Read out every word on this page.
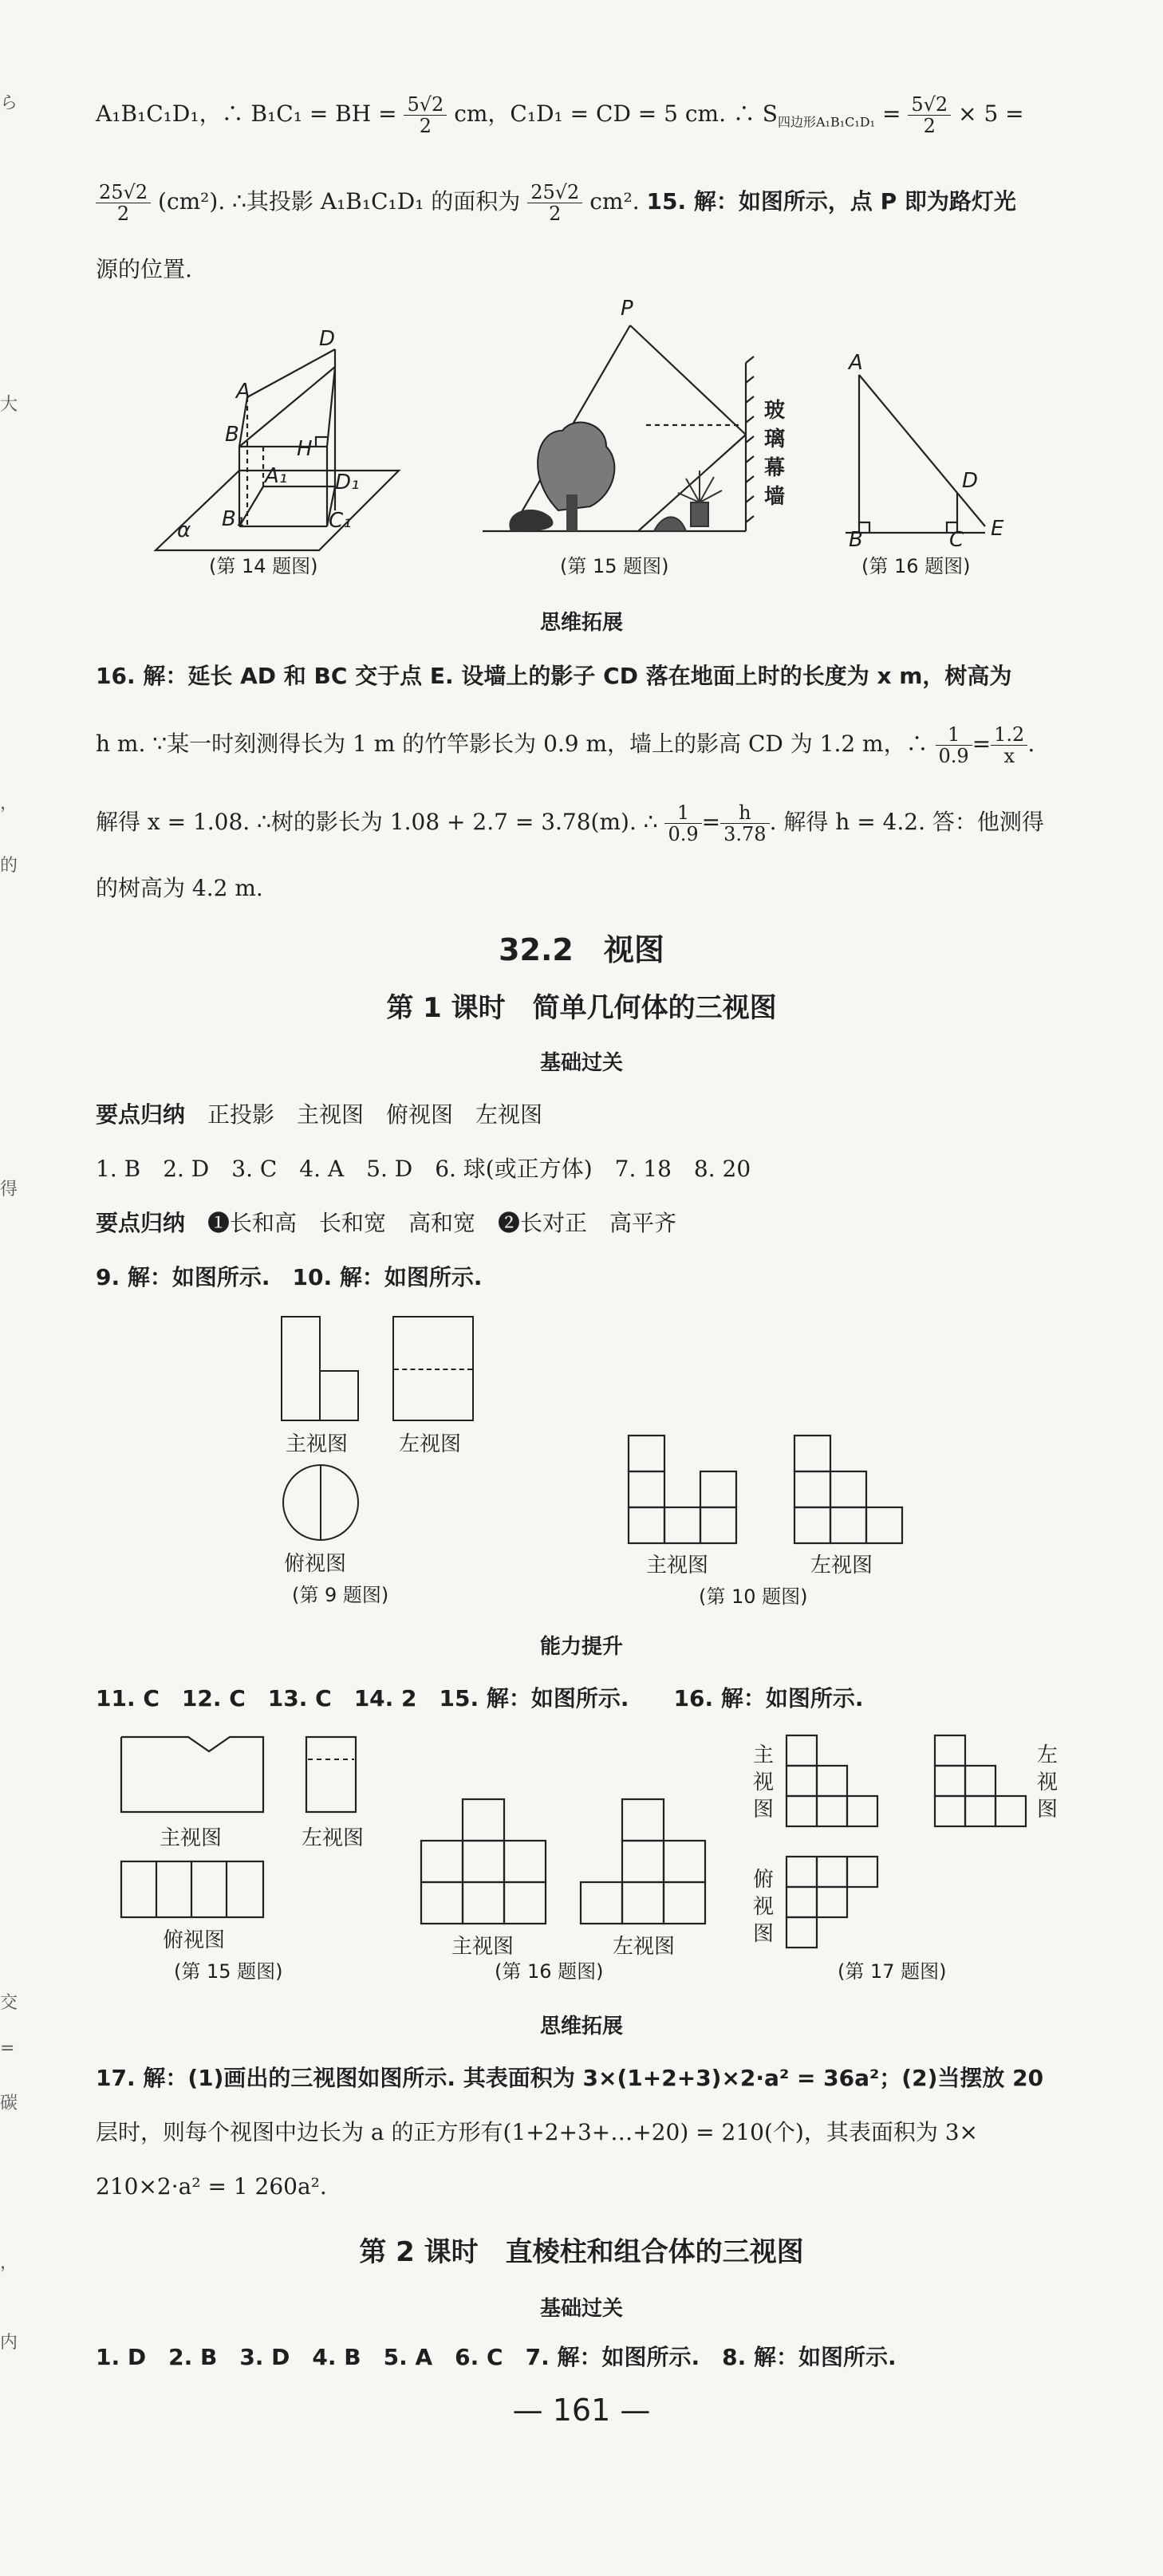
ら
大
，
的
得
交
=
碳
，
内
A₁B₁C₁D₁，∴ B₁C₁ = BH = $\frac{5√2}{2}$ cm，C₁D₁ = CD = 5 cm. ∴ $S_{四边形A_1B_1C_1D_1} = \frac{5√2}{2} \times 5$ =
$\frac{25√2}{2} (cm^2)$. ∴其投影 A₁B₁C₁D₁ 的面积为 $\frac{25√2}{2} cm^2$. 15. 解：如图所示，点 P 即为路灯光
源的位置.
D
A
B
H
D₁
A₁
B₁	C₁
α
(第 14 题图)
P
玻
璃
幕
墙
(第 15 题图)
A
D
B	C E
(第 16 题图)
思维拓展
16. 解：延长 AD 和 BC 交于点 E. 设墙上的影子 CD 落在地面上时的长度为 x m，树高为
h m. ∵某一时刻测得长为 1 m 的竹竿影长为 0.9 m，墙上的影高 CD 为 1.2 m，∴ $\frac{1}{0.9} = \frac{1.2}{x}$ .
解得 x = 1.08. ∴树的影长为 1.08 + 2.7 = 3.78(m). ∴ $\frac{1}{0.9} = \frac{h}{3.78}$ . 解得 h = 4.2. 答：他测得
的树高为 4.2 m.
32.2　视图
第 1 课时　简单几何体的三视图
基础过关
要点归纳　 正投影　主视图　俯视图　左视图
1. B　2. D　3. C　4. A　5. D　6. 球(或正方体)　7. 18　8. 20
要点归纳　 ❶长和高　长和宽　高和宽　❷长对正　高平齐
9. 解：如图所示.　10. 解：如图所示.
主视图 左视图
俯视图
(第 9 题图)
主视图	左视图
(第 10 题图)
能力提升
11. C　12. C　13. C　14. 2　15. 解：如图所示.　　16. 解：如图所示.
主视图	左视图
俯视图
(第 15 题图)
主视图	左视图
(第 16 题图)
主
视
图
左
视
图
俯
视
图
(第 17 题图)
思维拓展
17. 解：(1)画出的三视图如图所示. 其表面积为 3×(1+2+3)×2·a² = 36a²；(2)当摆放 20
层时，则每个视图中边长为 a 的正方形有(1+2+3+…+20) = 210(个)，其表面积为 3×
210×2·a² = 1 260a².
第 2 课时　直棱柱和组合体的三视图
基础过关
1. D　2. B　3. D　4. B　5. A　6. C　7. 解：如图所示.　8. 解：如图所示.
— 161 —
